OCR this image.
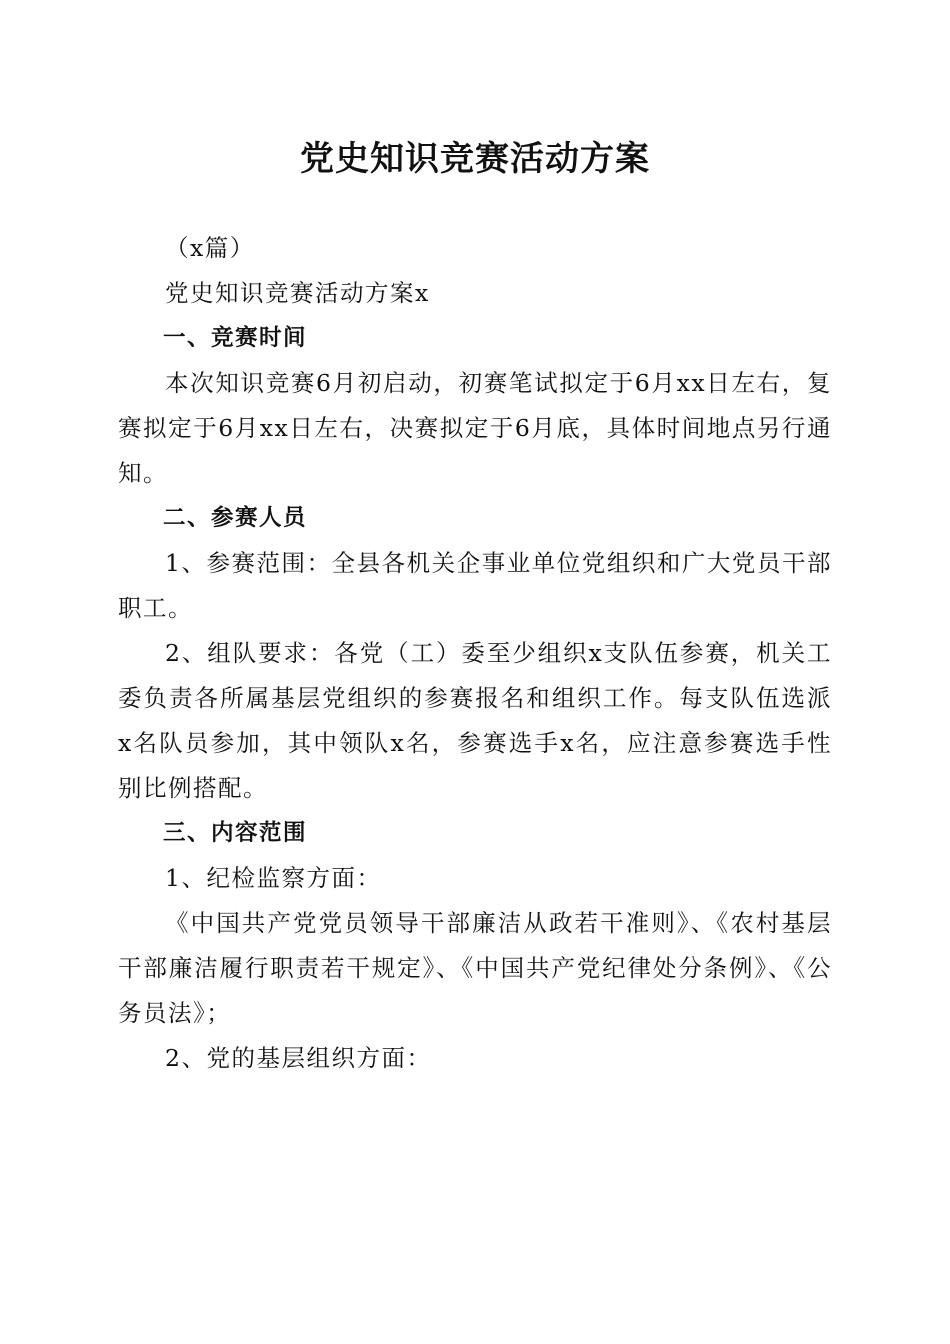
党史知识竞赛活动方案

（x篇）

党史知识竞赛活动方案x

一、竞赛时间

本次知识竞赛6月初启动，初赛笔试拟定于6月xx日左右，复赛拟定于6月xx日左右，决赛拟定于6月底，具体时间地点另行通知。

二、参赛人员

1、参赛范围：全县各机关企事业单位党组织和广大党员干部职工。

2、组队要求：各党（工）委至少组织x支队伍参赛，机关工委负责各所属基层党组织的参赛报名和组织工作。每支队伍选派x名队员参加，其中领队x名，参赛选手x名，应注意参赛选手性别比例搭配。

三、内容范围

1、纪检监察方面：

《中国共产党党员领导干部廉洁从政若干准则》、《农村基层干部廉洁履行职责若干规定》、《中国共产党纪律处分条例》、《公务员法》；

2、党的基层组织方面：
